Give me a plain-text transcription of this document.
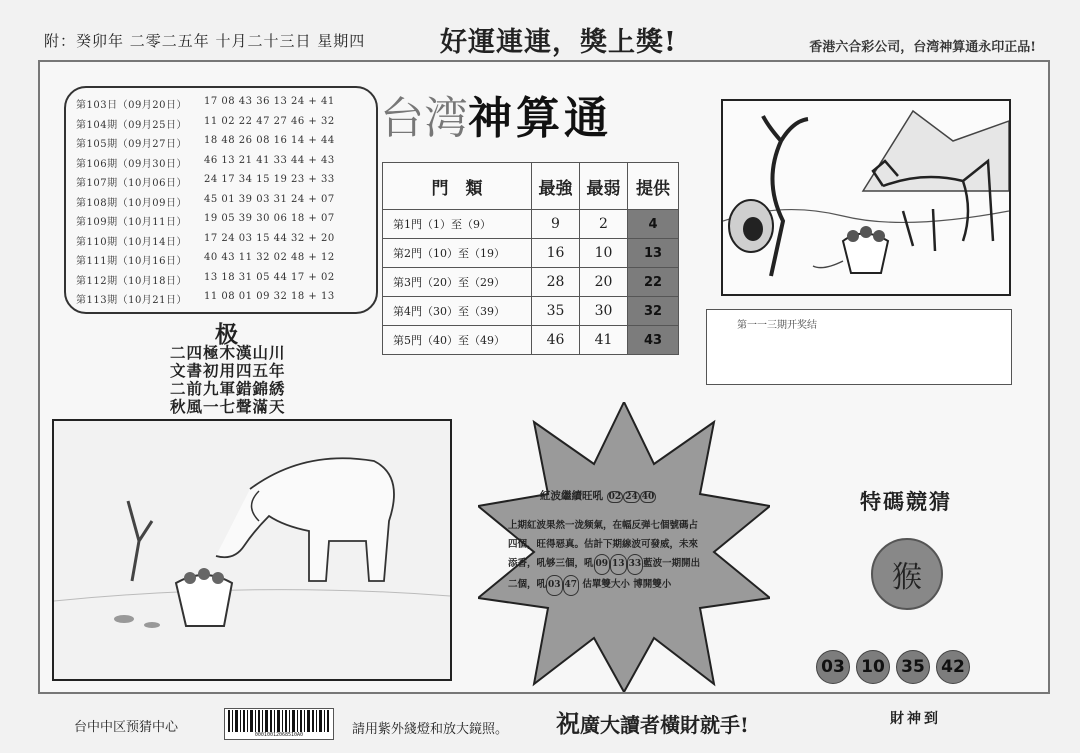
附：癸卯年 二零二五年 十月二十三日 星期四	好運連連，獎上獎!	香港六合彩公司，台湾神算通永印正品!
第103日（09月20日）	17 08 43 36 13 24 + 41
第104期（09月25日）	11 02 22 47 27 46 + 32
第105期（09月27日）	18 48 26 08 16 14 + 44
第106期（09月30日）	46 13 21 41 33 44 + 43
第107期（10月06日）	24 17 34 15 19 23 + 33
第108期（10月09日）	45 01 39 03 31 24 + 07
第109期（10月11日）	19 05 39 30 06 18 + 07
第110期（10月14日）	17 24 03 15 44 32 + 20
第111期（10月16日）	40 43 11 32 02 48 + 12
第112期（10月18日）	13 18 31 05 44 17 + 02
第113期（10月21日）	11 08 01 09 32 18 + 13
台湾神算通
門　類	最強	最弱	提供
第1門（1）至（9）	9	2	4
第2門（10）至（19）	16	10	13
第3門（20）至（29）	28	20	22
第4門（30）至（39）	35	30	32
第5門（40）至（49）	46	41	43
第一一三期开奖结
极
二四極木漢山川
文書初用四五年
二前九軍錯錦綉
秋風一七聲滿天
紅波繼續旺吼 02 24 40
上期紅波果然一泷频氣，在幅反弹七個號碼占
四個，旺得惡真。估計下期線波可發威，未來
添香，吼够三個，吼 09 13 33 藍波一期開出
二個，吼 03 47 估單雙大小 博開雙小
特碼競猜
猴
03 10 35 42
台中中区预猜中心	00010012068510A0	請用紫外綫燈和放大鏡照。 祝廣大讀者橫財就手!	財神到
